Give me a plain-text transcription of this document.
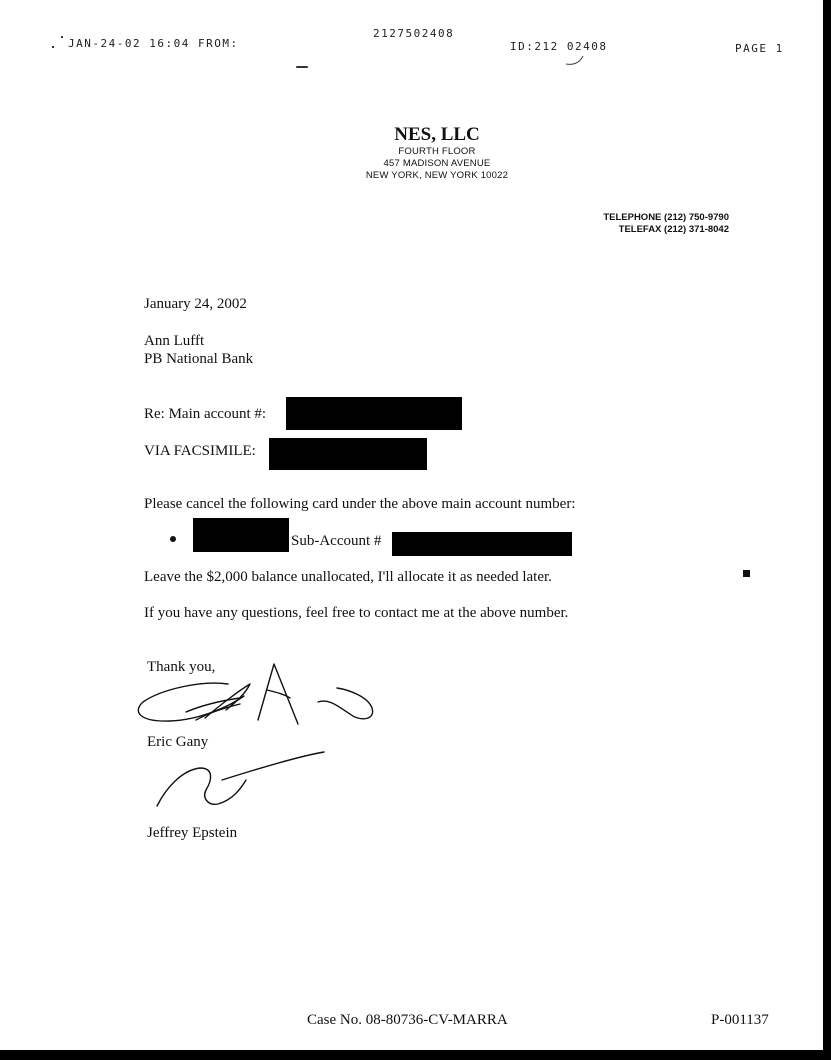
JAN-24-02 16:04 FROM:
2127502408
ID:212 02408	PAGE 1
NES, LLC
FOURTH FLOOR
457 MADISON AVENUE
NEW YORK, NEW YORK 10022
TELEPHONE (212) 750-9790
TELEFAX (212) 371-8042
January 24, 2002
Ann Lufft
PB National Bank
Re: Main account #:
VIA FACSIMILE:
Please cancel the following card under the above main account number:
Sub-Account #
Leave the $2,000 balance unallocated, I'll allocate it as needed later.
If you have any questions, feel free to contact me at the above number.
Thank you,
Eric Gany
Jeffrey Epstein
Case No. 08-80736-CV-MARRA	P-001137
